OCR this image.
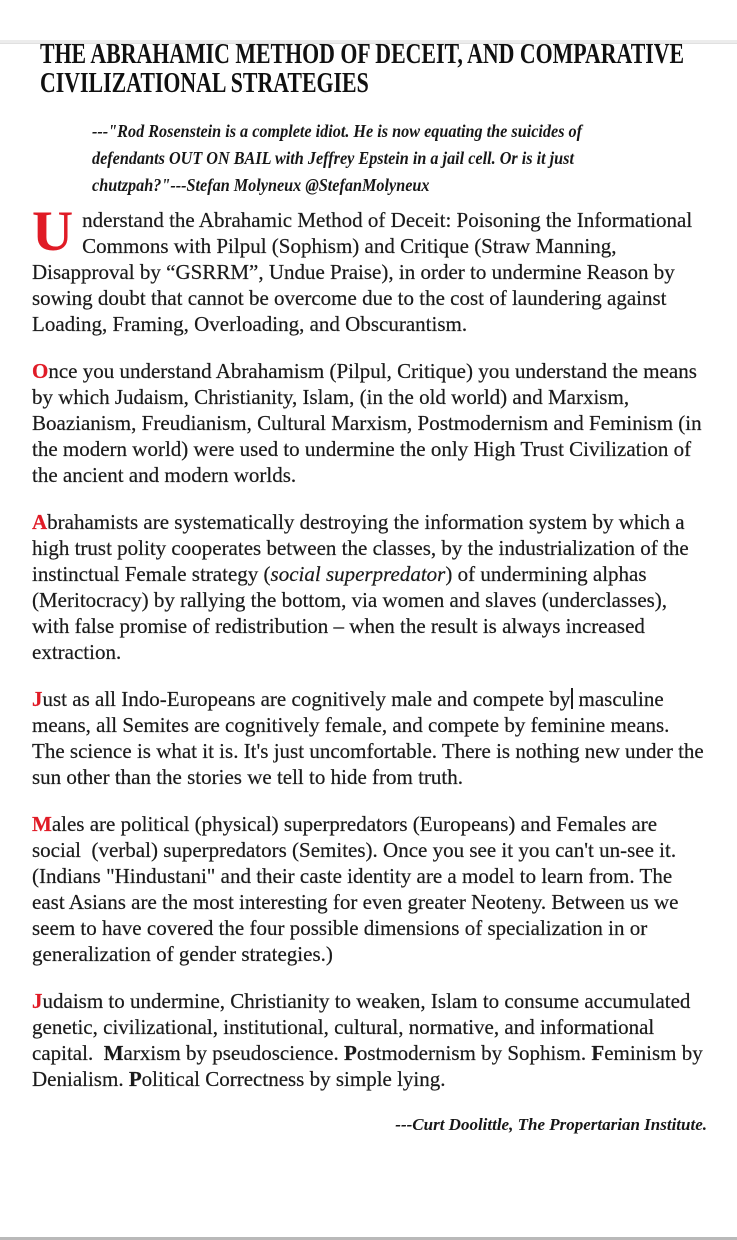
THE ABRAHAMIC METHOD OF DECEIT, AND COMPARATIVE
CIVILIZATIONAL STRATEGIES
---"Rod Rosenstein is a complete idiot. He is now equating the suicides of
defendants OUT ON BAIL with Jeffrey Epstein in a jail cell. Or is it just
chutzpah?"---Stefan Molyneux @StefanMolyneux

Understand the Abrahamic Method of Deceit: Poisoning the Informational Commons with Pilpul (Sophism) and Critique (Straw Manning, Disapproval by “GSRRM”, Undue Praise), in order to undermine Reason by sowing doubt that cannot be overcome due to the cost of laundering against Loading, Framing, Overloading, and Obscurantism.

Once you understand Abrahamism (Pilpul, Critique) you understand the means by which Judaism, Christianity, Islam, (in the old world) and Marxism, Boazianism, Freudianism, Cultural Marxism, Postmodernism and Feminism (in the modern world) were used to undermine the only High Trust Civilization of the ancient and modern worlds.

Abrahamists are systematically destroying the information system by which a high trust polity cooperates between the classes, by the industrialization of the instinctual Female strategy (social superpredator) of undermining alphas (Meritocracy) by rallying the bottom, via women and slaves (underclasses), with false promise of redistribution – when the result is always increased extraction.

Just as all Indo-Europeans are cognitively male and compete by masculine means, all Semites are cognitively female, and compete by feminine means. The science is what it is. It's just uncomfortable. There is nothing new under the sun other than the stories we tell to hide from truth.

Males are political (physical) superpredators (Europeans) and Females are social  (verbal) superpredators (Semites). Once you see it you can't un-see it. (Indians "Hindustani" and their caste identity are a model to learn from. The east Asians are the most interesting for even greater Neoteny. Between us we seem to have covered the four possible dimensions of specialization in or generalization of gender strategies.)

Judaism to undermine, Christianity to weaken, Islam to consume accumulated genetic, civilizational, institutional, cultural, normative, and informational capital.  Marxism by pseudoscience. Postmodernism by Sophism. Feminism by Denialism. Political Correctness by simple lying.

---Curt Doolittle, The Propertarian Institute.
